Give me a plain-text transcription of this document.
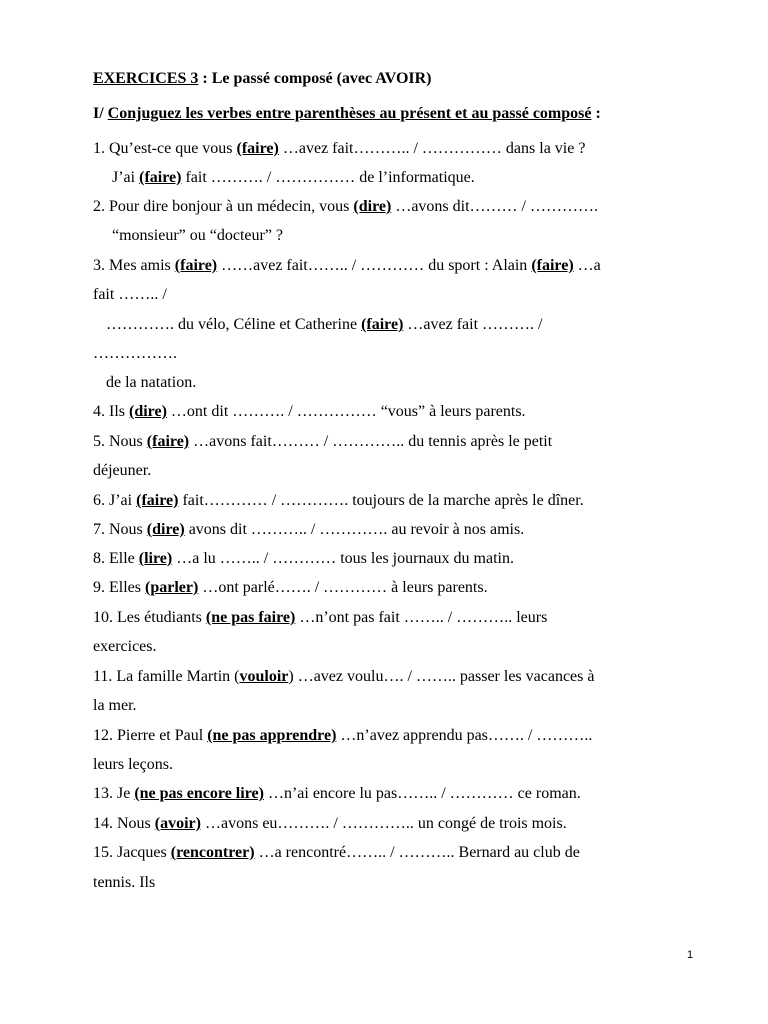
EXERCICES 3 : Le passé composé (avec AVOIR)
I/ Conjuguez les verbes entre parenthèses au présent et au passé composé :
1. Qu’est-ce que vous (faire) …avez fait……….. / …………… dans la vie ?
J’ai (faire) fait ………. / …………… de l’informatique.
2. Pour dire bonjour à un médecin, vous (dire) …avons dit……… / ………….
“monsieur” ou “docteur” ?
3. Mes amis (faire) ……avez fait…….. / ………… du sport : Alain (faire) …a
fait …….. /
…………. du vélo, Céline et Catherine (faire) …avez fait ………. /
…………….
de la natation.
4. Ils (dire) …ont dit ………. / …………… “vous” à leurs parents.
5. Nous (faire) …avons fait……… / ………….. du tennis après le petit
déjeuner.
6. J’ai (faire) fait………… / …………. toujours de la marche après le dîner.
7. Nous (dire) avons dit ……….. / …………. au revoir à nos amis.
8. Elle (lire) …a lu …….. / ………… tous les journaux du matin.
9. Elles (parler) …ont parlé……. / ………… à leurs parents.
10. Les étudiants (ne pas faire) …n’ont pas fait …….. / ……….. leurs
exercices.
11. La famille Martin (vouloir) …avez voulu…. / …….. passer les vacances à
la mer.
12. Pierre et Paul (ne pas apprendre) …n’avez apprendu pas……. / ………..
leurs leçons.
13. Je (ne pas encore lire) …n’ai encore lu pas…….. / ………… ce roman.
14. Nous (avoir) …avons eu………. / ………….. un congé de trois mois.
15. Jacques (rencontrer) …a rencontré…….. / ……….. Bernard au club de
tennis. Ils
1
